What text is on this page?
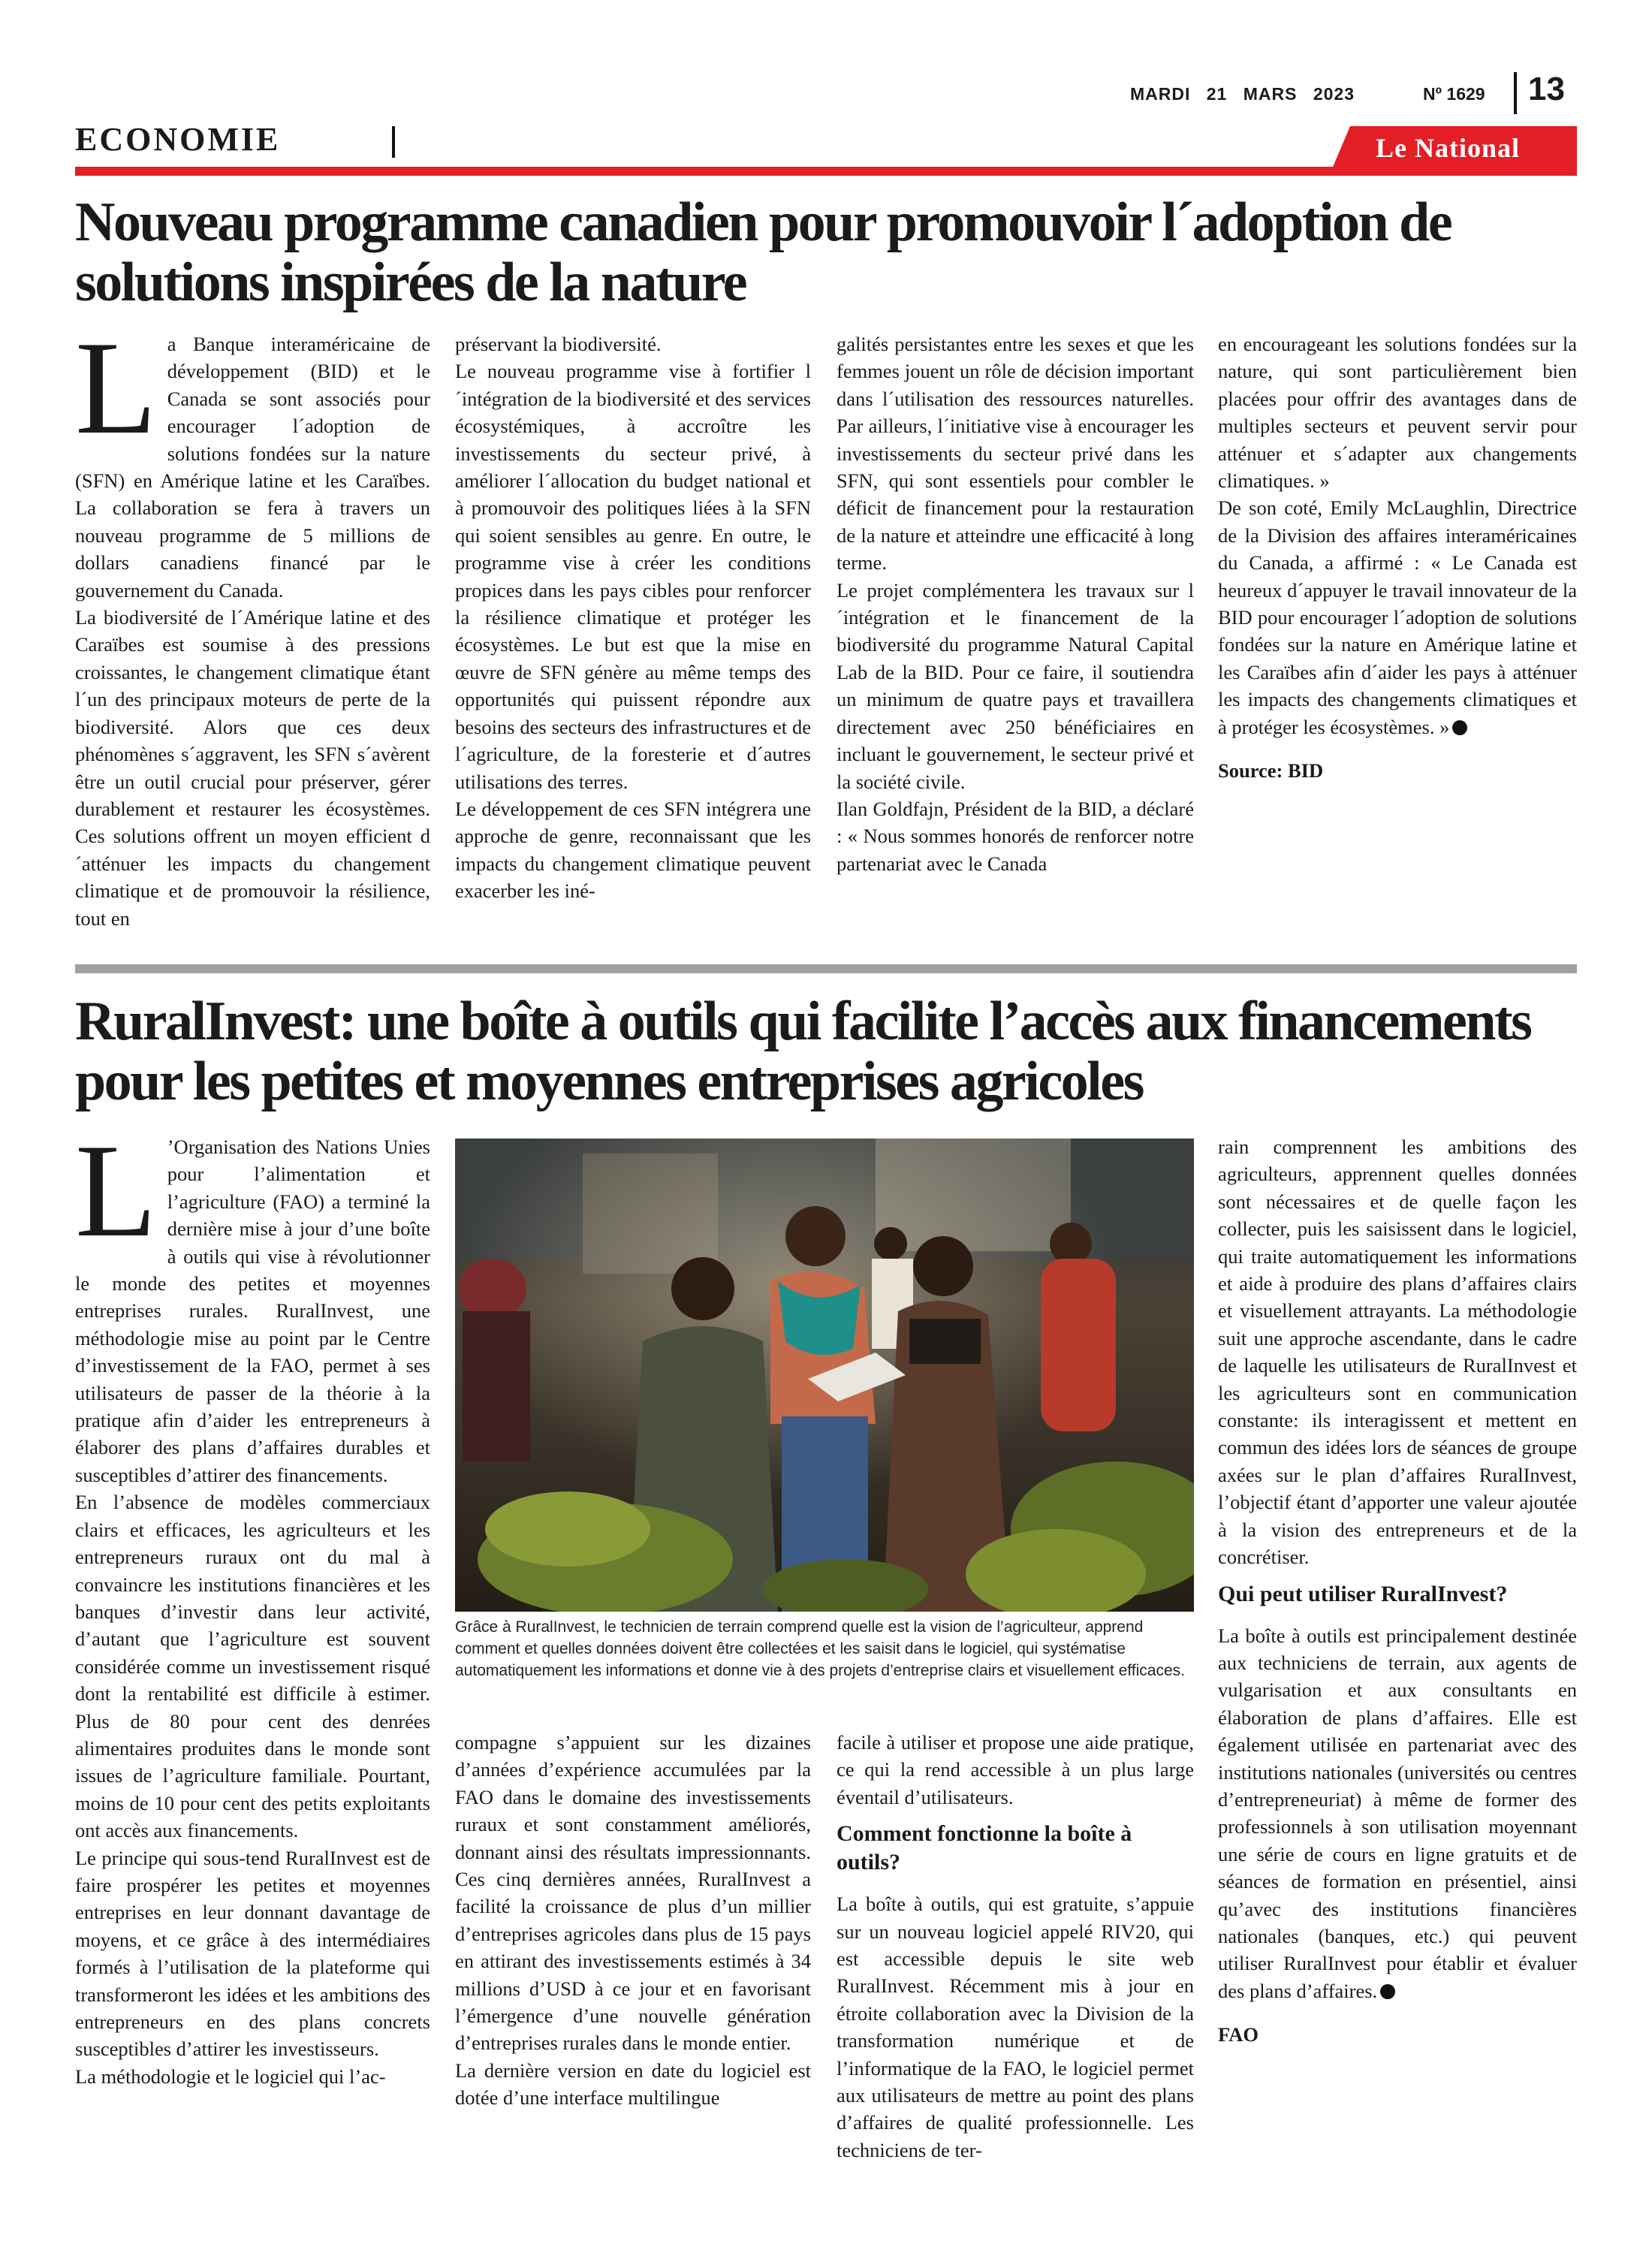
MARDI 21 MARS 2023	Nº 1629 13
ECONOMIE	Le National
Nouveau programme canadien pour promouvoir l´adoption de solutions inspirées de la nature

La Banque interaméricaine de développement (BID) et le Canada se sont associés pour encourager l´adoption de solutions fondées sur la nature (SFN) en Amérique latine et les Caraïbes. La collaboration se fera à travers un nouveau programme de 5 millions de dollars canadiens financé par le gouvernement du Canada.

La biodiversité de l´Amérique latine et des Caraïbes est soumise à des pressions croissantes, le changement climatique étant l´un des principaux moteurs de perte de la biodiversité. Alors que ces deux phénomènes s´aggravent, les SFN s´avèrent être un outil crucial pour préserver, gérer durablement et restaurer les écosystèmes. Ces solutions offrent un moyen efficient d´atténuer les impacts du changement climatique et de promouvoir la résilience, tout en

préservant la biodiversité.

Le nouveau programme vise à fortifier l´intégration de la biodiversité et des services écosystémiques, à accroître les investissements du secteur privé, à améliorer l´allocation du budget national et à promouvoir des politiques liées à la SFN qui soient sensibles au genre. En outre, le programme vise à créer les conditions propices dans les pays cibles pour renforcer la résilience climatique et protéger les écosystèmes. Le but est que la mise en œuvre de SFN génère au même temps des opportunités qui puissent répondre aux besoins des secteurs des infrastructures et de l´agriculture, de la foresterie et d´autres utilisations des terres.

Le développement de ces SFN intégrera une approche de genre, reconnaissant que les impacts du changement climatique peuvent exacerber les iné-

galités persistantes entre les sexes et que les femmes jouent un rôle de décision important dans l´utilisation des ressources naturelles. Par ailleurs, l´initiative vise à encourager les investissements du secteur privé dans les SFN, qui sont essentiels pour combler le déficit de financement pour la restauration de la nature et atteindre une efficacité à long terme.

Le projet complémentera les travaux sur l´intégration et le financement de la biodiversité du programme Natural Capital Lab de la BID. Pour ce faire, il soutiendra un minimum de quatre pays et travaillera directement avec 250 bénéficiaires en incluant le gouvernement, le secteur privé et la société civile.

Ilan Goldfajn, Président de la BID, a déclaré : « Nous sommes honorés de renforcer notre partenariat avec le Canada

en encourageant les solutions fondées sur la nature, qui sont particulièrement bien placées pour offrir des avantages dans de multiples secteurs et peuvent servir pour atténuer et s´adapter aux changements climatiques. »

De son coté, Emily McLaughlin, Directrice de la Division des affaires interaméricaines du Canada, a affirmé : « Le Canada est heureux d´appuyer le travail innovateur de la BID pour encourager l´adoption de solutions fondées sur la nature en Amérique latine et les Caraïbes afin d´aider les pays à atténuer les impacts des changements climatiques et à protéger les écosystèmes. »

Source: BID

RuralInvest: une boîte à outils qui facilite l’accès aux financements pour les petites et moyennes entreprises agricoles

L ’Organisation des Nations Unies pour l’alimentation et l’agriculture (FAO) a terminé la dernière mise à jour d’une boîte à outils qui vise à révolutionner le monde des petites et moyennes entreprises rurales. RuralInvest, une méthodologie mise au point par le Centre d’investissement de la FAO, permet à ses utilisateurs de passer de la théorie à la pratique afin d’aider les entrepreneurs à élaborer des plans d’affaires durables et susceptibles d’attirer des financements.

En l’absence de modèles commerciaux clairs et efficaces, les agriculteurs et les entrepreneurs ruraux ont du mal à convaincre les institutions financières et les banques d’investir dans leur activité, d’autant que l’agriculture est souvent considérée comme un investissement risqué dont la rentabilité est difficile à estimer. Plus de 80 pour cent des denrées alimentaires produites dans le monde sont issues de l’agriculture familiale. Pourtant, moins de 10 pour cent des petits exploitants ont accès aux financements.

Le principe qui sous-tend RuralInvest est de faire prospérer les petites et moyennes entreprises en leur donnant davantage de moyens, et ce grâce à des intermédiaires formés à l’utilisation de la plateforme qui transformeront les idées et les ambitions des entrepreneurs en des plans concrets susceptibles d’attirer les investisseurs.

La méthodologie et le logiciel qui l’ac-

Grâce à RuralInvest, le technicien de terrain comprend quelle est la vision de l’agriculteur, apprend comment et quelles données doivent être collectées et les saisit dans le logiciel, qui systématise automatiquement les informations et donne vie à des projets d’entreprise clairs et visuellement efficaces.

compagne s’appuient sur les dizaines d’années d’expérience accumulées par la FAO dans le domaine des investissements ruraux et sont constamment améliorés, donnant ainsi des résultats impressionnants. Ces cinq dernières années, RuralInvest a facilité la croissance de plus d’un millier d’entreprises agricoles dans plus de 15 pays en attirant des investissements estimés à 34 millions d’USD à ce jour et en favorisant l’émergence d’une nouvelle génération d’entreprises rurales dans le monde entier.

La dernière version en date du logiciel est dotée d’une interface multilingue

facile à utiliser et propose une aide pratique, ce qui la rend accessible à un plus large éventail d’utilisateurs.

Comment fonctionne la boîte à outils?

La boîte à outils, qui est gratuite, s’appuie sur un nouveau logiciel appelé RIV20, qui est accessible depuis le site web RuralInvest. Récemment mis à jour en étroite collaboration avec la Division de la transformation numérique et de l’informatique de la FAO, le logiciel permet aux utilisateurs de mettre au point des plans d’affaires de qualité professionnelle. Les techniciens de ter-

rain comprennent les ambitions des agriculteurs, apprennent quelles données sont nécessaires et de quelle façon les collecter, puis les saisissent dans le logiciel, qui traite automatiquement les informations et aide à produire des plans d’affaires clairs et visuellement attrayants. La méthodologie suit une approche ascendante, dans le cadre de laquelle les utilisateurs de RuralInvest et les agriculteurs sont en communication constante: ils interagissent et mettent en commun des idées lors de séances de groupe axées sur le plan d’affaires RuralInvest, l’objectif étant d’apporter une valeur ajoutée à la vision des entrepreneurs et de la concrétiser.

Qui peut utiliser RuralInvest?

La boîte à outils est principalement destinée aux techniciens de terrain, aux agents de vulgarisation et aux consultants en élaboration de plans d’affaires. Elle est également utilisée en partenariat avec des institutions nationales (universités ou centres d’entrepreneuriat) à même de former des professionnels à son utilisation moyennant une série de cours en ligne gratuits et de séances de formation en présentiel, ainsi qu’avec des institutions financières nationales (banques, etc.) qui peuvent utiliser RuralInvest pour établir et évaluer des plans d’affaires.

FAO
